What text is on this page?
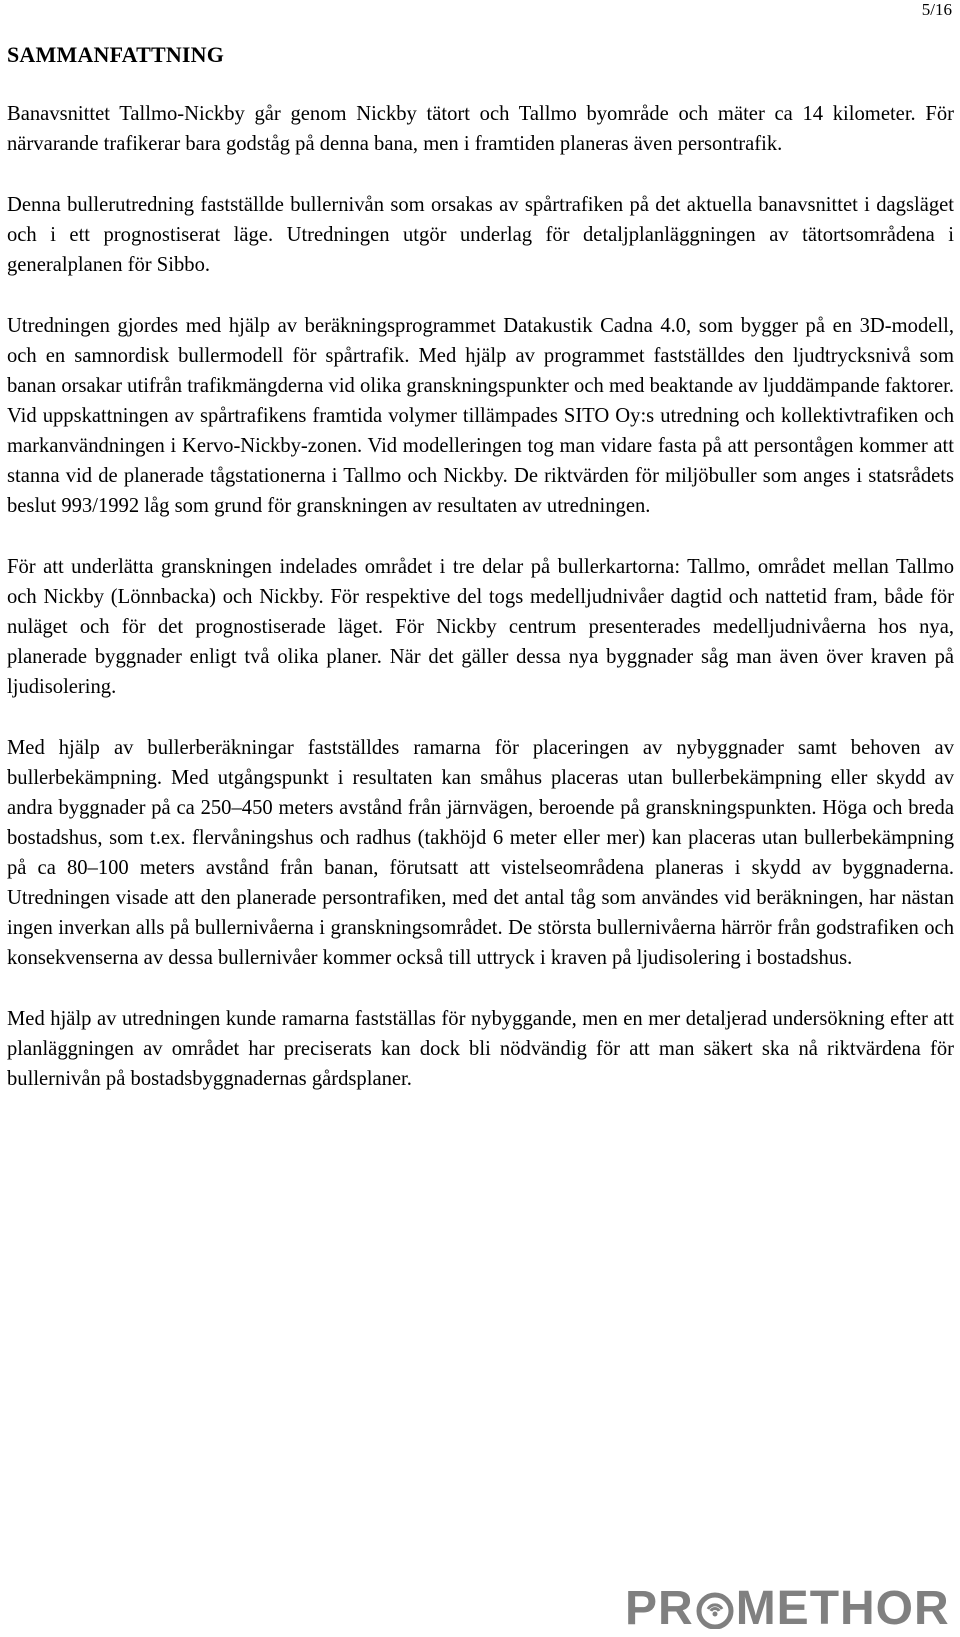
5/16
SAMMANFATTNING

Banavsnittet Tallmo-Nickby går genom Nickby tätort och Tallmo byområde och mäter ca 14 kilometer. För närvarande trafikerar bara godståg på denna bana, men i framtiden planeras även persontrafik.

Denna bullerutredning fastställde bullernivån som orsakas av spårtrafiken på det aktuella banavsnittet i dagsläget och i ett prognostiserat läge. Utredningen utgör underlag för detaljplanläggningen av tätortsområdena i generalplanen för Sibbo.

Utredningen gjordes med hjälp av beräkningsprogrammet Datakustik Cadna 4.0, som bygger på en 3D-modell, och en samnordisk bullermodell för spårtrafik. Med hjälp av programmet fastställdes den ljudtrycksnivå som banan orsakar utifrån trafikmängderna vid olika granskningspunkter och med beaktande av ljuddämpande faktorer. Vid uppskattningen av spårtrafikens framtida volymer tillämpades SITO Oy:s utredning och kollektivtrafiken och markanvändningen i Kervo-Nickby-zonen. Vid modelleringen tog man vidare fasta på att persontågen kommer att stanna vid de planerade tågstationerna i Tallmo och Nickby. De riktvärden för miljöbuller som anges i statsrådets beslut 993/1992 låg som grund för granskningen av resultaten av utredningen.

För att underlätta granskningen indelades området i tre delar på bullerkartorna: Tallmo, området mellan Tallmo och Nickby (Lönnbacka) och Nickby. För respektive del togs medelljudnivåer dagtid och nattetid fram, både för nuläget och för det prognostiserade läget. För Nickby centrum presenterades medelljudnivåerna hos nya, planerade byggnader enligt två olika planer. När det gäller dessa nya byggnader såg man även över kraven på ljudisolering.

Med hjälp av bullerberäkningar fastställdes ramarna för placeringen av nybyggnader samt behoven av bullerbekämpning. Med utgångspunkt i resultaten kan småhus placeras utan bullerbekämpning eller skydd av andra byggnader på ca 250–450 meters avstånd från järnvägen, beroende på granskningspunkten. Höga och breda bostadshus, som t.ex. flervåningshus och radhus (takhöjd 6 meter eller mer) kan placeras utan bullerbekämpning på ca 80–100 meters avstånd från banan, förutsatt att vistelseområdena planeras i skydd av byggnaderna. Utredningen visade att den planerade persontrafiken, med det antal tåg som användes vid beräkningen, har nästan ingen inverkan alls på bullernivåerna i granskningsområdet. De största bullernivåerna härrör från godstrafiken och konsekvenserna av dessa bullernivåer kommer också till uttryck i kraven på ljudisolering i bostadshus.

Med hjälp av utredningen kunde ramarna fastställas för nybyggande, men en mer detaljerad undersökning efter att planläggningen av området har preciserats kan dock bli nödvändig för att man säkert ska nå riktvärdena för bullernivån på bostadsbyggnadernas gårdsplaner.

PR METHOR
